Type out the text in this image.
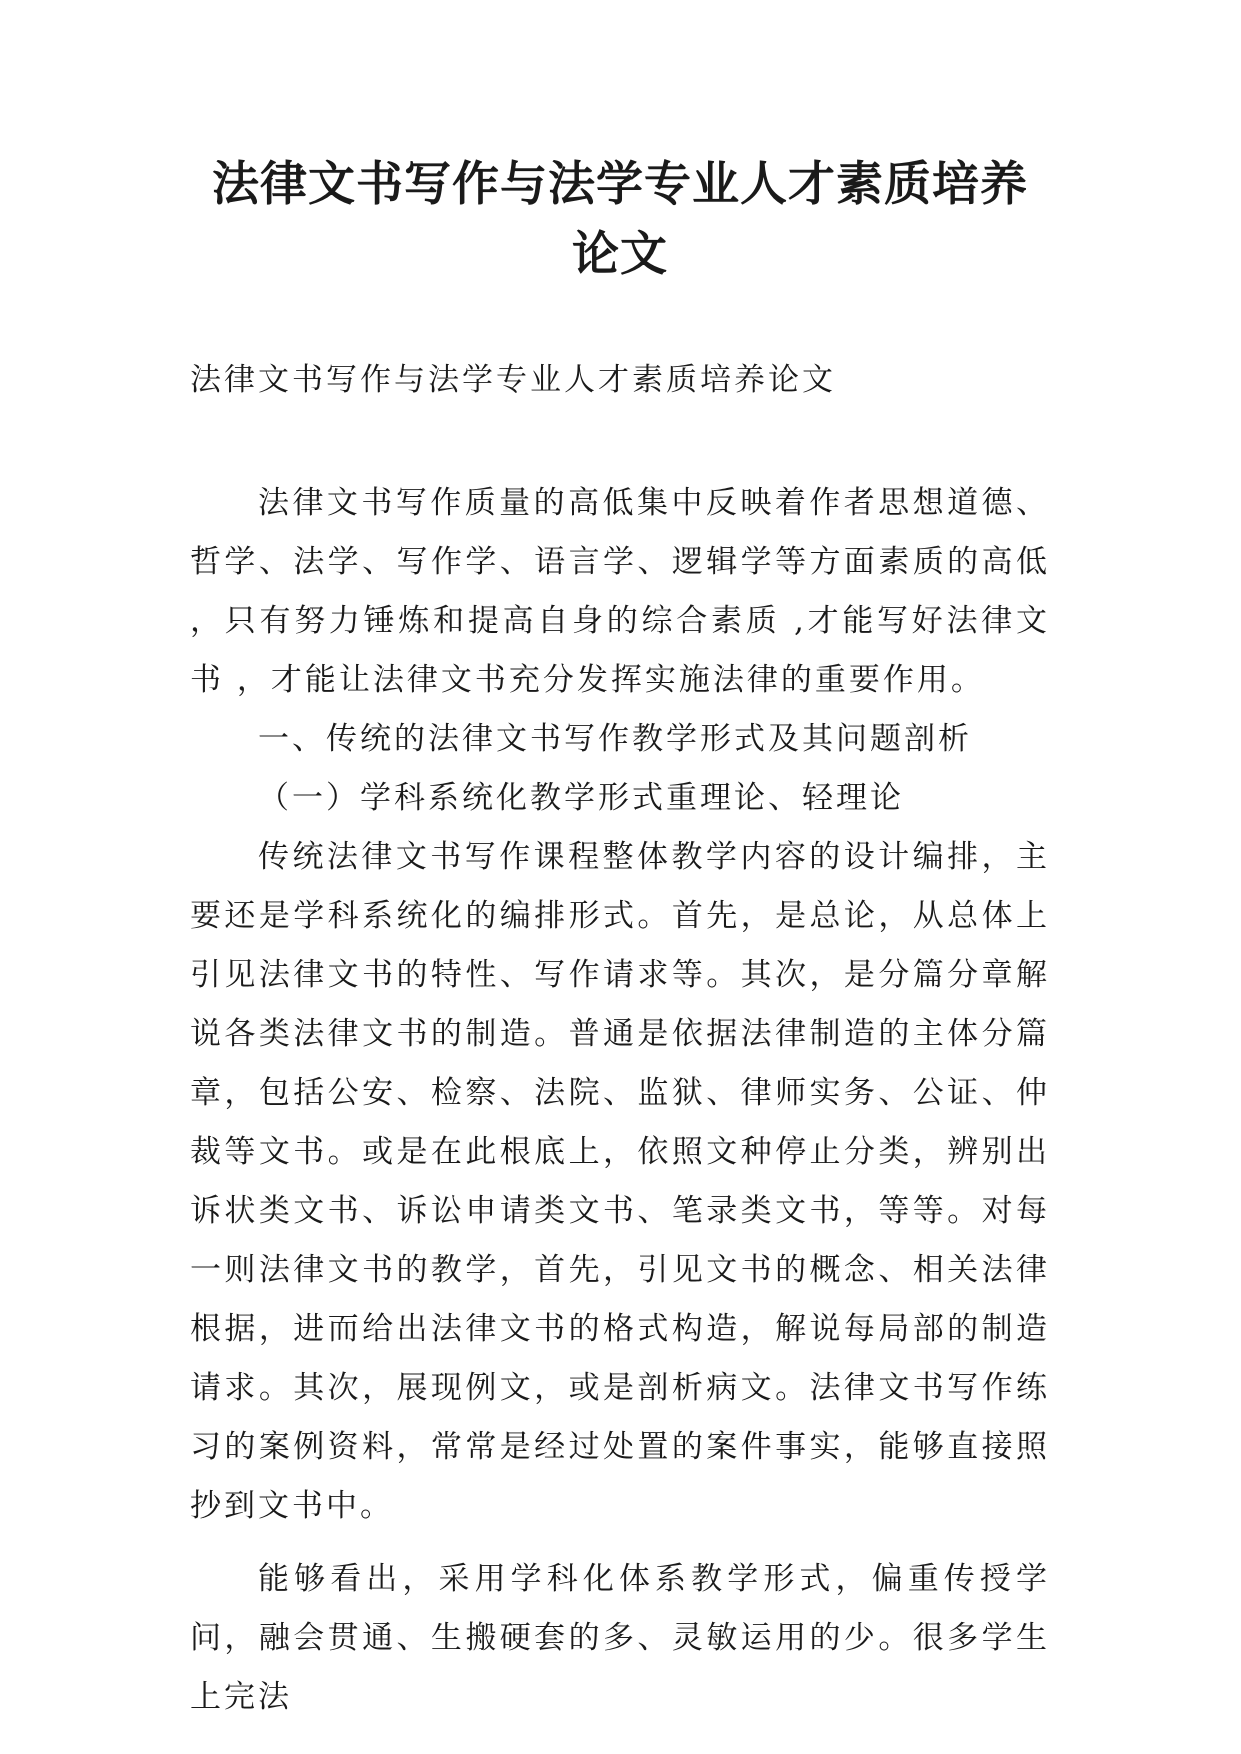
法律文书写作与法学专业人才素质培养论文

法律文书写作与法学专业人才素质培养论文

法律文书写作质量的高低集中反映着作者思想道德、哲学、法学、写作学、语言学、逻辑学等方面素质的高低 ，只有努力锤炼和提高自身的综合素质 ,才能写好法律文书 ，才能让法律文书充分发挥实施法律的重要作用。

一、传统的法律文书写作教学形式及其问题剖析

（一）学科系统化教学形式重理论、轻理论

传统法律文书写作课程整体教学内容的设计编排，主要还是学科系统化的编排形式。首先，是总论，从总体上引见法律文书的特性、写作请求等。其次，是分篇分章解说各类法律文书的制造。普通是依据法律制造的主体分篇章，包括公安、检察、法院、监狱、律师实务、公证、仲裁等文书。或是在此根底上，依照文种停止分类，辨别出诉状类文书、诉讼申请类文书、笔录类文书，等等。对每一则法律文书的教学，首先，引见文书的概念、相关法律根据，进而给出法律文书的格式构造，解说每局部的制造请求。其次，展现例文，或是剖析病文。法律文书写作练习的案例资料，常常是经过处置的案件事实，能够直接照抄到文书中。

能够看出，采用学科化体系教学形式，偏重传授学问，融会贯通、生搬硬套的多、灵敏运用的少。很多学生上完法
